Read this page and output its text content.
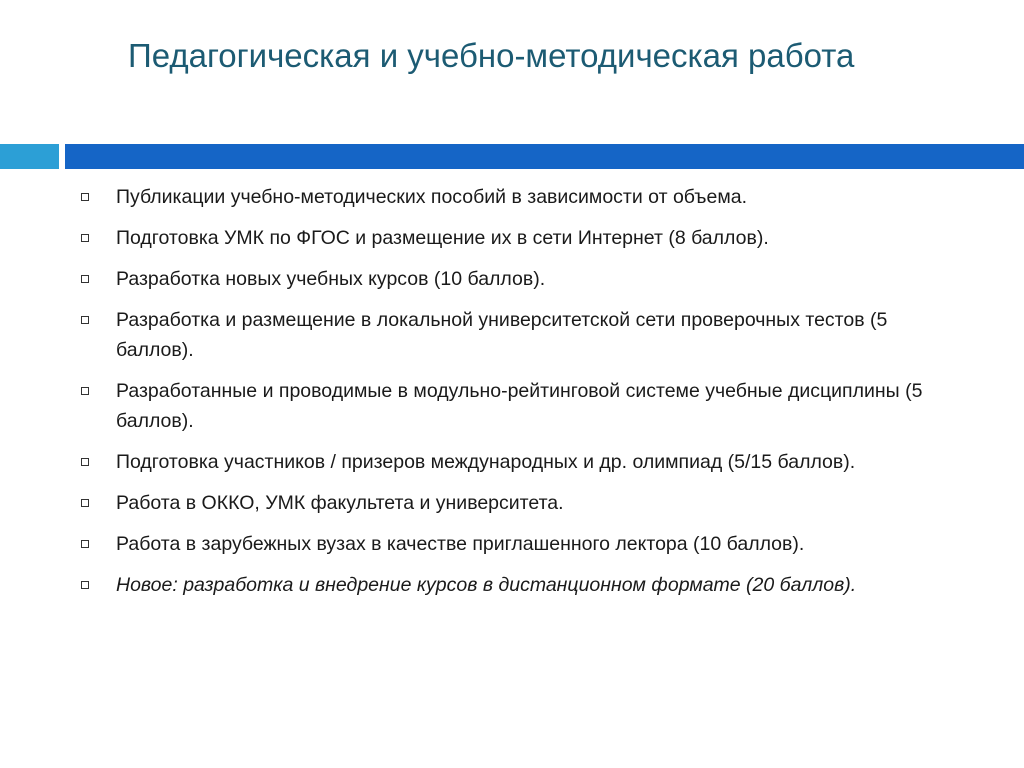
Педагогическая и учебно-методическая работа
Публикации учебно-методических пособий в зависимости от объема.
Подготовка УМК по ФГОС и размещение их в сети Интернет (8 баллов).
Разработка новых учебных курсов (10 баллов).
Разработка и размещение в локальной университетской сети проверочных тестов (5 баллов).
Разработанные и проводимые в модульно-рейтинговой системе учебные дисциплины (5 баллов).
Подготовка участников / призеров международных и др. олимпиад (5/15 баллов).
Работа в ОККО, УМК факультета и университета.
Работа в зарубежных вузах в качестве приглашенного лектора (10 баллов).
Новое: разработка и внедрение курсов в дистанционном формате (20 баллов).
